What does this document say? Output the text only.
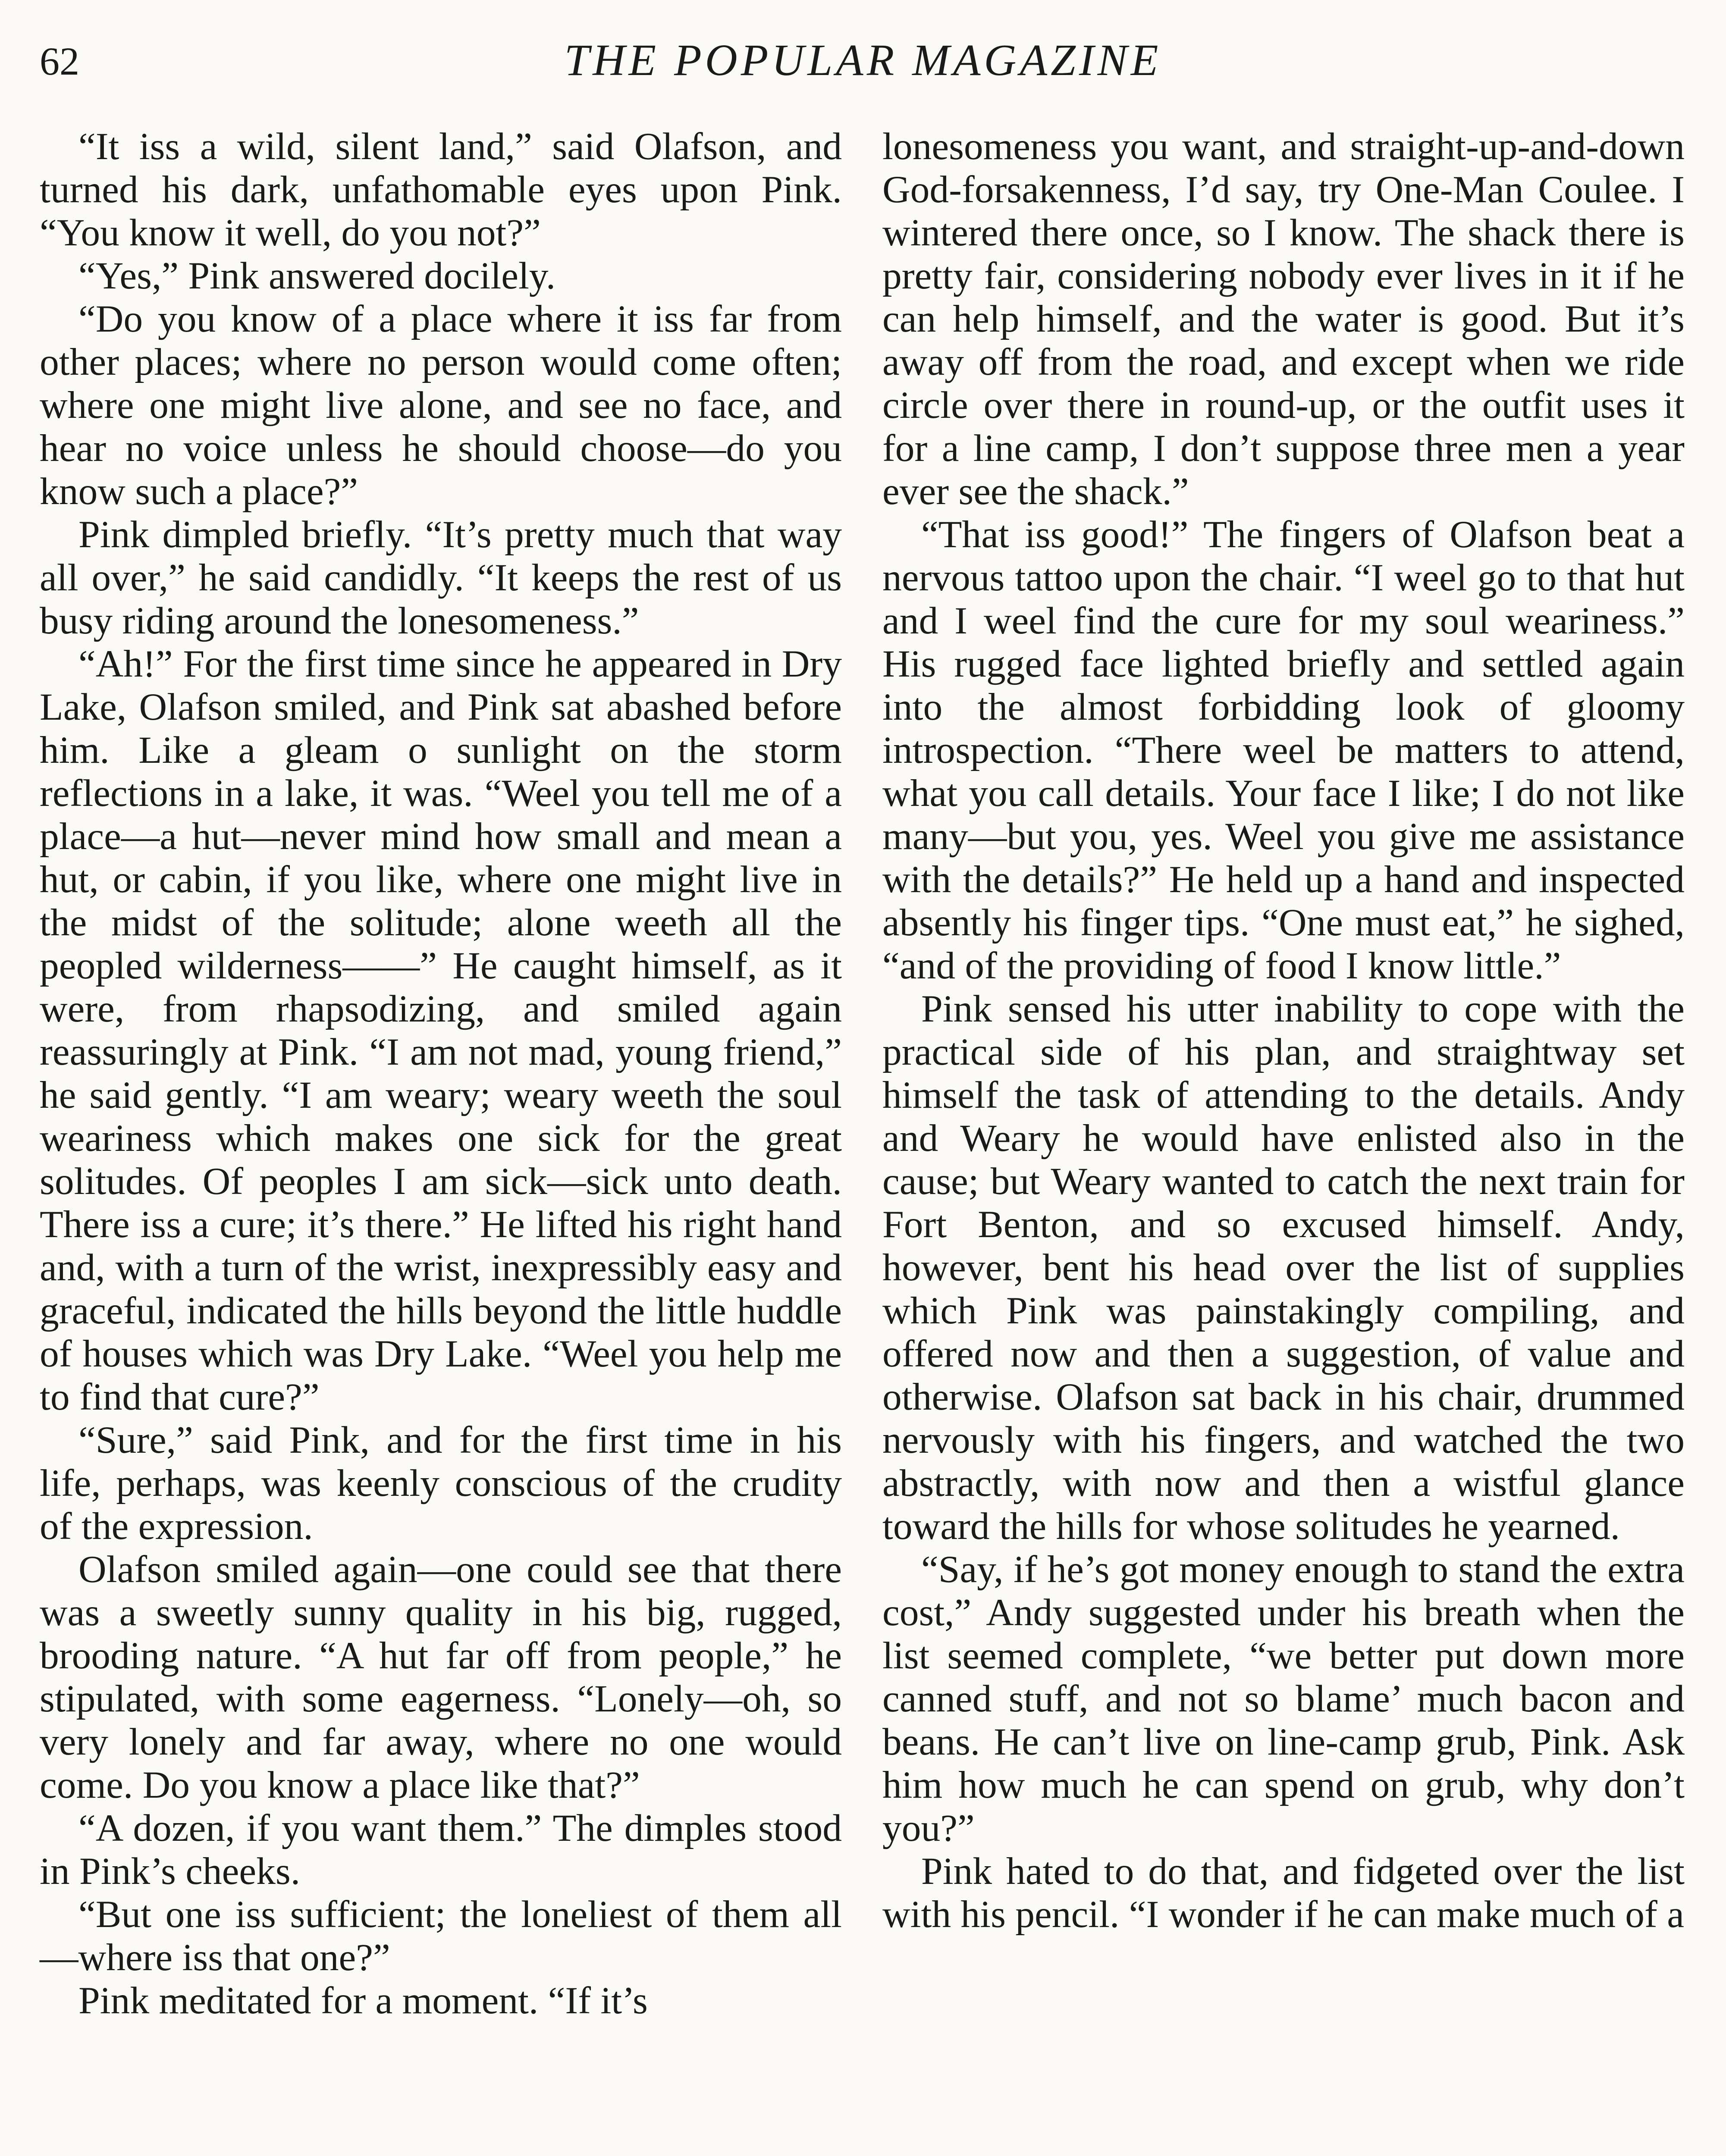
62	THE POPULAR MAGAZINE

“It iss a wild, silent land,” said Olafson, and turned his dark, unfathomable eyes upon Pink. “You know it well, do you not?”

“Yes,” Pink answered docilely.

“Do you know of a place where it iss far from other places; where no person would come often; where one might live alone, and see no face, and hear no voice unless he should choose—do you know such a place?”

Pink dimpled briefly. “It’s pretty much that way all over,” he said candidly. “It keeps the rest of us busy riding around the lonesomeness.”

“Ah!” For the first time since he appeared in Dry Lake, Olafson smiled, and Pink sat abashed before him. Like a gleam o sunlight on the storm reflections in a lake, it was. “Weel you tell me of a place—a hut—never mind how small and mean a hut, or cabin, if you like, where one might live in the midst of the solitude; alone weeth all the peopled wilderness——” He caught himself, as it were, from rhapsodizing, and smiled again reassuringly at Pink. “I am not mad, young friend,” he said gently. “I am weary; weary weeth the soul weariness which makes one sick for the great solitudes. Of peoples I am sick—sick unto death. There iss a cure; it’s there.” He lifted his right hand and, with a turn of the wrist, inexpressibly easy and graceful, indicated the hills beyond the little huddle of houses which was Dry Lake. “Weel you help me to find that cure?”

“Sure,” said Pink, and for the first time in his life, perhaps, was keenly conscious of the crudity of the expression.

Olafson smiled again—one could see that there was a sweetly sunny quality in his big, rugged, brooding nature. “A hut far off from people,” he stipulated, with some eagerness. “Lonely—oh, so very lonely and far away, where no one would come. Do you know a place like that?”

“A dozen, if you want them.” The dimples stood in Pink’s cheeks.

“But one iss sufficient; the loneliest of them all—where iss that one?”

Pink meditated for a moment. “If it’s

lonesomeness you want, and straight-up-and-down God-forsakenness, I’d say, try One-Man Coulee. I wintered there once, so I know. The shack there is pretty fair, considering nobody ever lives in it if he can help himself, and the water is good. But it’s away off from the road, and except when we ride circle over there in round-up, or the outfit uses it for a line camp, I don’t suppose three men a year ever see the shack.”

“That iss good!” The fingers of Olafson beat a nervous tattoo upon the chair. “I weel go to that hut and I weel find the cure for my soul weariness.” His rugged face lighted briefly and settled again into the almost forbidding look of gloomy introspection. “There weel be matters to attend, what you call details. Your face I like; I do not like many—but you, yes. Weel you give me assistance with the details?” He held up a hand and inspected absently his finger tips. “One must eat,” he sighed, “and of the providing of food I know little.”

Pink sensed his utter inability to cope with the practical side of his plan, and straightway set himself the task of attending to the details. Andy and Weary he would have enlisted also in the cause; but Weary wanted to catch the next train for Fort Benton, and so excused himself. Andy, however, bent his head over the list of supplies which Pink was painstakingly compiling, and offered now and then a suggestion, of value and otherwise. Olafson sat back in his chair, drummed nervously with his fingers, and watched the two abstractly, with now and then a wistful glance toward the hills for whose solitudes he yearned.

“Say, if he’s got money enough to stand the extra cost,” Andy suggested under his breath when the list seemed complete, “we better put down more canned stuff, and not so blame’ much bacon and beans. He can’t live on line-camp grub, Pink. Ask him how much he can spend on grub, why don’t you?”

Pink hated to do that, and fidgeted over the list with his pencil. “I wonder if he can make much of a
